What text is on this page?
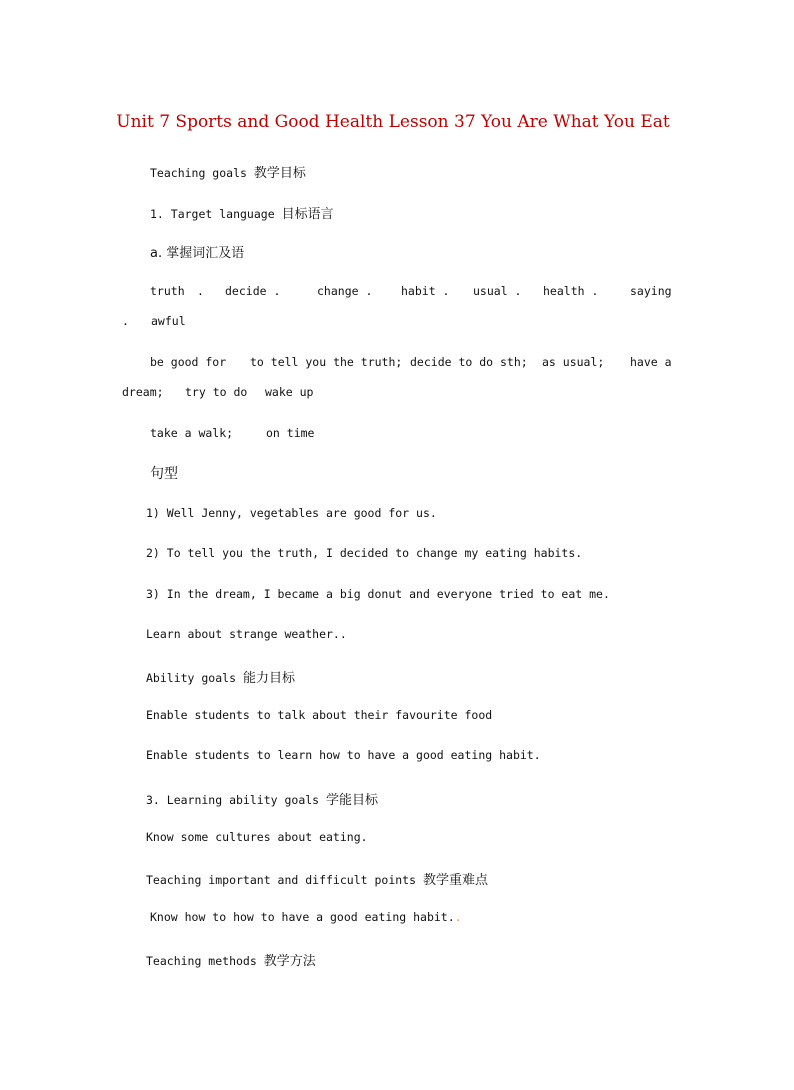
Unit 7 Sports and Good Health Lesson 37 You Are What You Eat
Teaching goals 教学目标
1. Target language 目标语言
a. 掌握词汇及语
truth . decide .	change . habit . usual . health .	saying
. awful
be good for to tell you the truth; decide to do sth; as usual; have a
dream; try to do wake up
take a walk;	on time
句型
1) Well Jenny, vegetables are good for us.
2) To tell you the truth, I decided to change my eating habits.
3) In the dream, I became a big donut and everyone tried to eat me.
Learn about strange weather..
Ability goals 能力目标
Enable students to talk about their favourite food
Enable students to learn how to have a good eating habit.
3. Learning ability goals 学能目标
Know some cultures about eating.
Teaching important and difficult points 教学重难点
Know how to how to have a good eating habit..
Teaching methods 教学方法
